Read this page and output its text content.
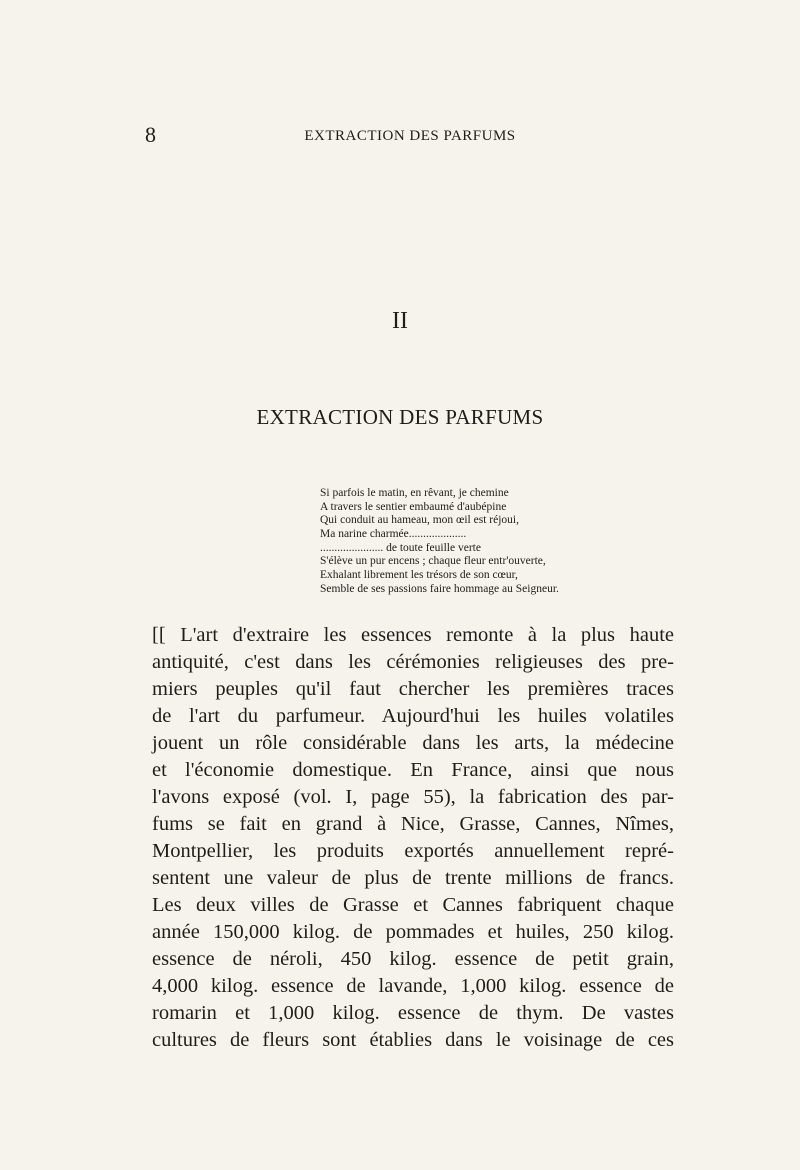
8	EXTRACTION DES PARFUMS
II
EXTRACTION DES PARFUMS
Si parfois le matin, en rêvant, je chemine
A travers le sentier embaumé d'aubépine
Qui conduit au hameau, mon œil est réjoui,
Ma narine charmée....................
...................... de toute feuille verte
S'élève un pur encens ; chaque fleur entr'ouverte,
Exhalant librement les trésors de son cœur,
Semble de ses passions faire hommage au Seigneur.
[[ L'art d'extraire les essences remonte à la plus haute
antiquité, c'est dans les cérémonies religieuses des pre-
miers peuples qu'il faut chercher les premières traces
de l'art du parfumeur. Aujourd'hui les huiles volatiles
jouent un rôle considérable dans les arts, la médecine
et l'économie domestique. En France, ainsi que nous
l'avons exposé (vol. I, page 55), la fabrication des par-
fums se fait en grand à Nice, Grasse, Cannes, Nîmes,
Montpellier, les produits exportés annuellement repré-
sentent une valeur de plus de trente millions de francs.
Les deux villes de Grasse et Cannes fabriquent chaque
année 150,000 kilog. de pommades et huiles, 250 kilog.
essence de néroli, 450 kilog. essence de petit grain,
4,000 kilog. essence de lavande, 1,000 kilog. essence de
romarin et 1,000 kilog. essence de thym. De vastes
cultures de fleurs sont établies dans le voisinage de ces
